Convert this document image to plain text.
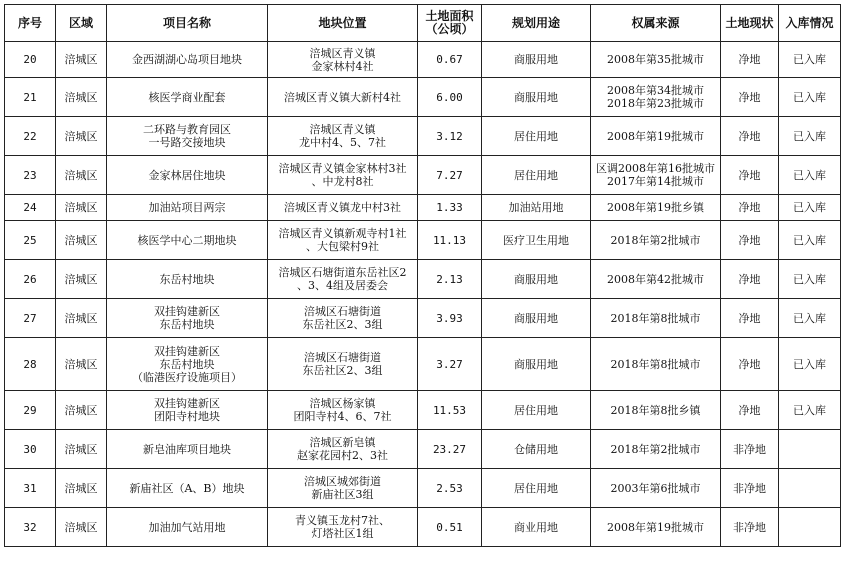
序号	区域	项目名称	地块位置	土地面积
（公顷）	规划用途	权属来源	土地现状	入库情况
20	涪城区	金西湖湖心岛项目地块	涪城区青义镇
金家林村4社	0.67	商服用地	2008年第35批城市	净地	已入库
21	涪城区	核医学商业配套	涪城区青义镇大新村4社	6.00	商服用地	2008年第34批城市
2018年第23批城市	净地	已入库
22	涪城区	二环路与教育园区
一号路交接地块	涪城区青义镇
龙中村4、5、7社	3.12	居住用地	2008年第19批城市	净地	已入库
23	涪城区	金家林居住地块	涪城区青义镇金家林村3社
、中龙村8社	7.27	居住用地	区调2008年第16批城市
2017年第14批城市	净地	已入库
24	涪城区	加油站项目两宗	涪城区青义镇龙中村3社	1.33	加油站用地	2008年第19批乡镇	净地	已入库
25	涪城区	核医学中心二期地块	涪城区青义镇新观寺村1社
、大包梁村9社	11.13	医疗卫生用地	2018年第2批城市	净地	已入库
26	涪城区	东岳村地块	涪城区石塘街道东岳社区2
、3、4组及居委会	2.13	商服用地	2008年第42批城市	净地	已入库
27	涪城区	双挂钩建新区
东岳村地块	涪城区石塘街道
东岳社区2、3组	3.93	商服用地	2018年第8批城市	净地	已入库
28	涪城区	双挂钩建新区
东岳村地块
（临港医疗设施项目）	涪城区石塘街道
东岳社区2、3组	3.27	商服用地	2018年第8批城市	净地	已入库
29	涪城区	双挂钩建新区
团阳寺村地块	涪城区杨家镇
团阳寺村4、6、7社	11.53	居住用地	2018年第8批乡镇	净地	已入库
30	涪城区	新皂油库项目地块	涪城区新皂镇
赵家花园村2、3社	23.27	仓储用地	2018年第2批城市	非净地	
31	涪城区	新庙社区（A、B）地块	涪城区城郊街道
新庙社区3组	2.53	居住用地	2003年第6批城市	非净地	
32	涪城区	加油加气站用地	青义镇玉龙村7社、
灯塔社区1组	0.51	商业用地	2008年第19批城市	非净地	
